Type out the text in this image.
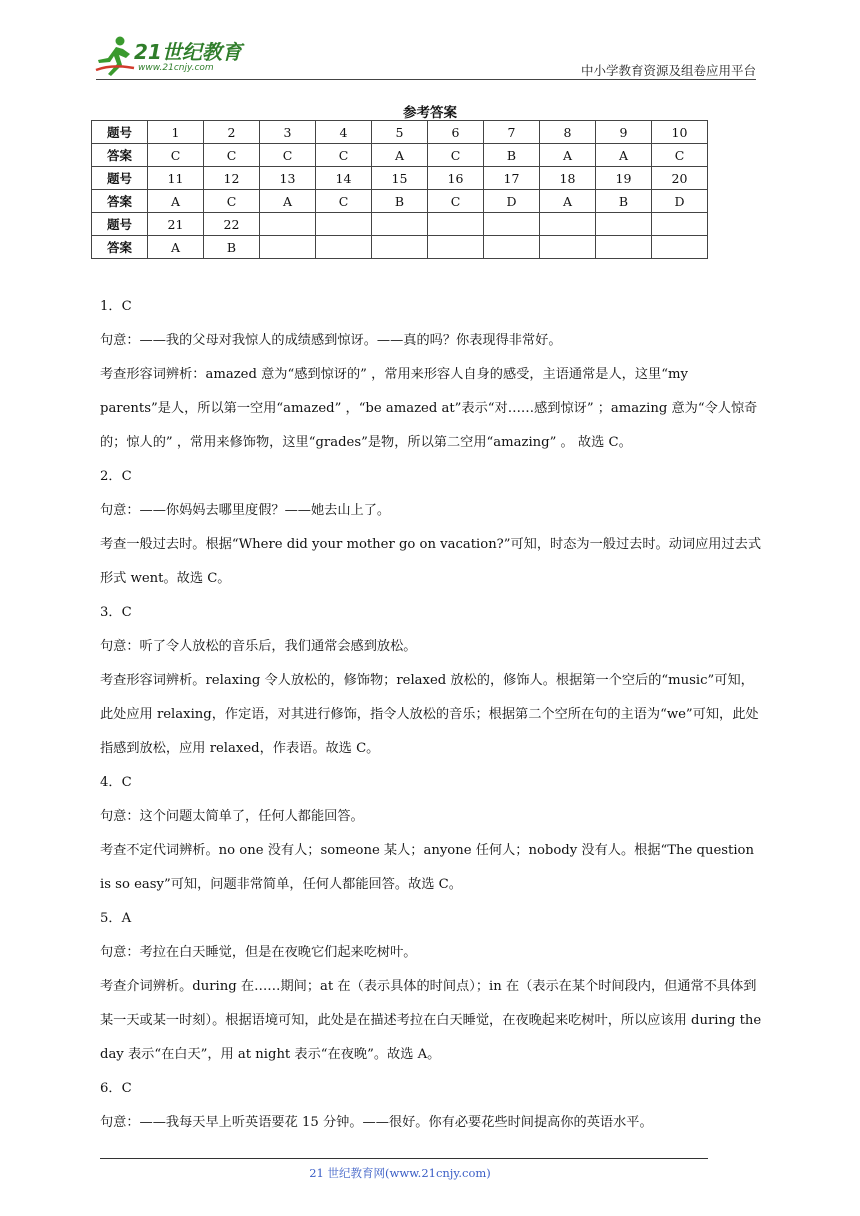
21世纪教育
www.21cnjy.com	中小学教育资源及组卷应用平台
参考答案
题号	1	2	3	4	5	6	7	8	9	10
答案	C	C	C	C	A	C	B	A	A	C
题号	11	12	13	14	15	16	17	18	19	20
答案	A	C	A	C	B	C	D	A	B	D
题号	21	22								
答案	A	B								

1．C

句意：——我的父母对我惊人的成绩感到惊讶。——真的吗？你表现得非常好。

考查形容词辨析：amazed 意为“感到惊讶的” ，常用来形容人自身的感受，主语通常是人，这里“my parents”是人，所以第一空用“amazed” ，“be amazed at”表示“对……感到惊讶” ；amazing 意为“令人惊奇的；惊人的” ，常用来修饰物，这里“grades”是物，所以第二空用“amazing” 。 故选 C。

2．C

句意：——你妈妈去哪里度假？——她去山上了。

考查一般过去时。根据“Where did your mother go on vacation?”可知，时态为一般过去时。动词应用过去式形式 went。故选 C。

3．C

句意：听了令人放松的音乐后，我们通常会感到放松。

考查形容词辨析。relaxing 令人放松的，修饰物；relaxed 放松的，修饰人。根据第一个空后的“music”可知，此处应用 relaxing，作定语，对其进行修饰，指令人放松的音乐；根据第二个空所在句的主语为“we”可知，此处指感到放松，应用 relaxed，作表语。故选 C。

4．C

句意：这个问题太简单了，任何人都能回答。

考查不定代词辨析。no one 没有人；someone 某人；anyone 任何人；nobody 没有人。根据“The question is so easy”可知，问题非常简单，任何人都能回答。故选 C。

5．A

句意：考拉在白天睡觉，但是在夜晚它们起来吃树叶。

考查介词辨析。during 在……期间；at 在（表示具体的时间点）；in 在（表示在某个时间段内，但通常不具体到某一天或某一时刻）。根据语境可知，此处是在描述考拉在白天睡觉，在夜晚起来吃树叶，所以应该用 during the day 表示“在白天”，用 at night 表示“在夜晚”。故选 A。

6．C

句意：——我每天早上听英语要花 15 分钟。——很好。你有必要花些时间提高你的英语水平。

21 世纪教育网(www.21cnjy.com)
